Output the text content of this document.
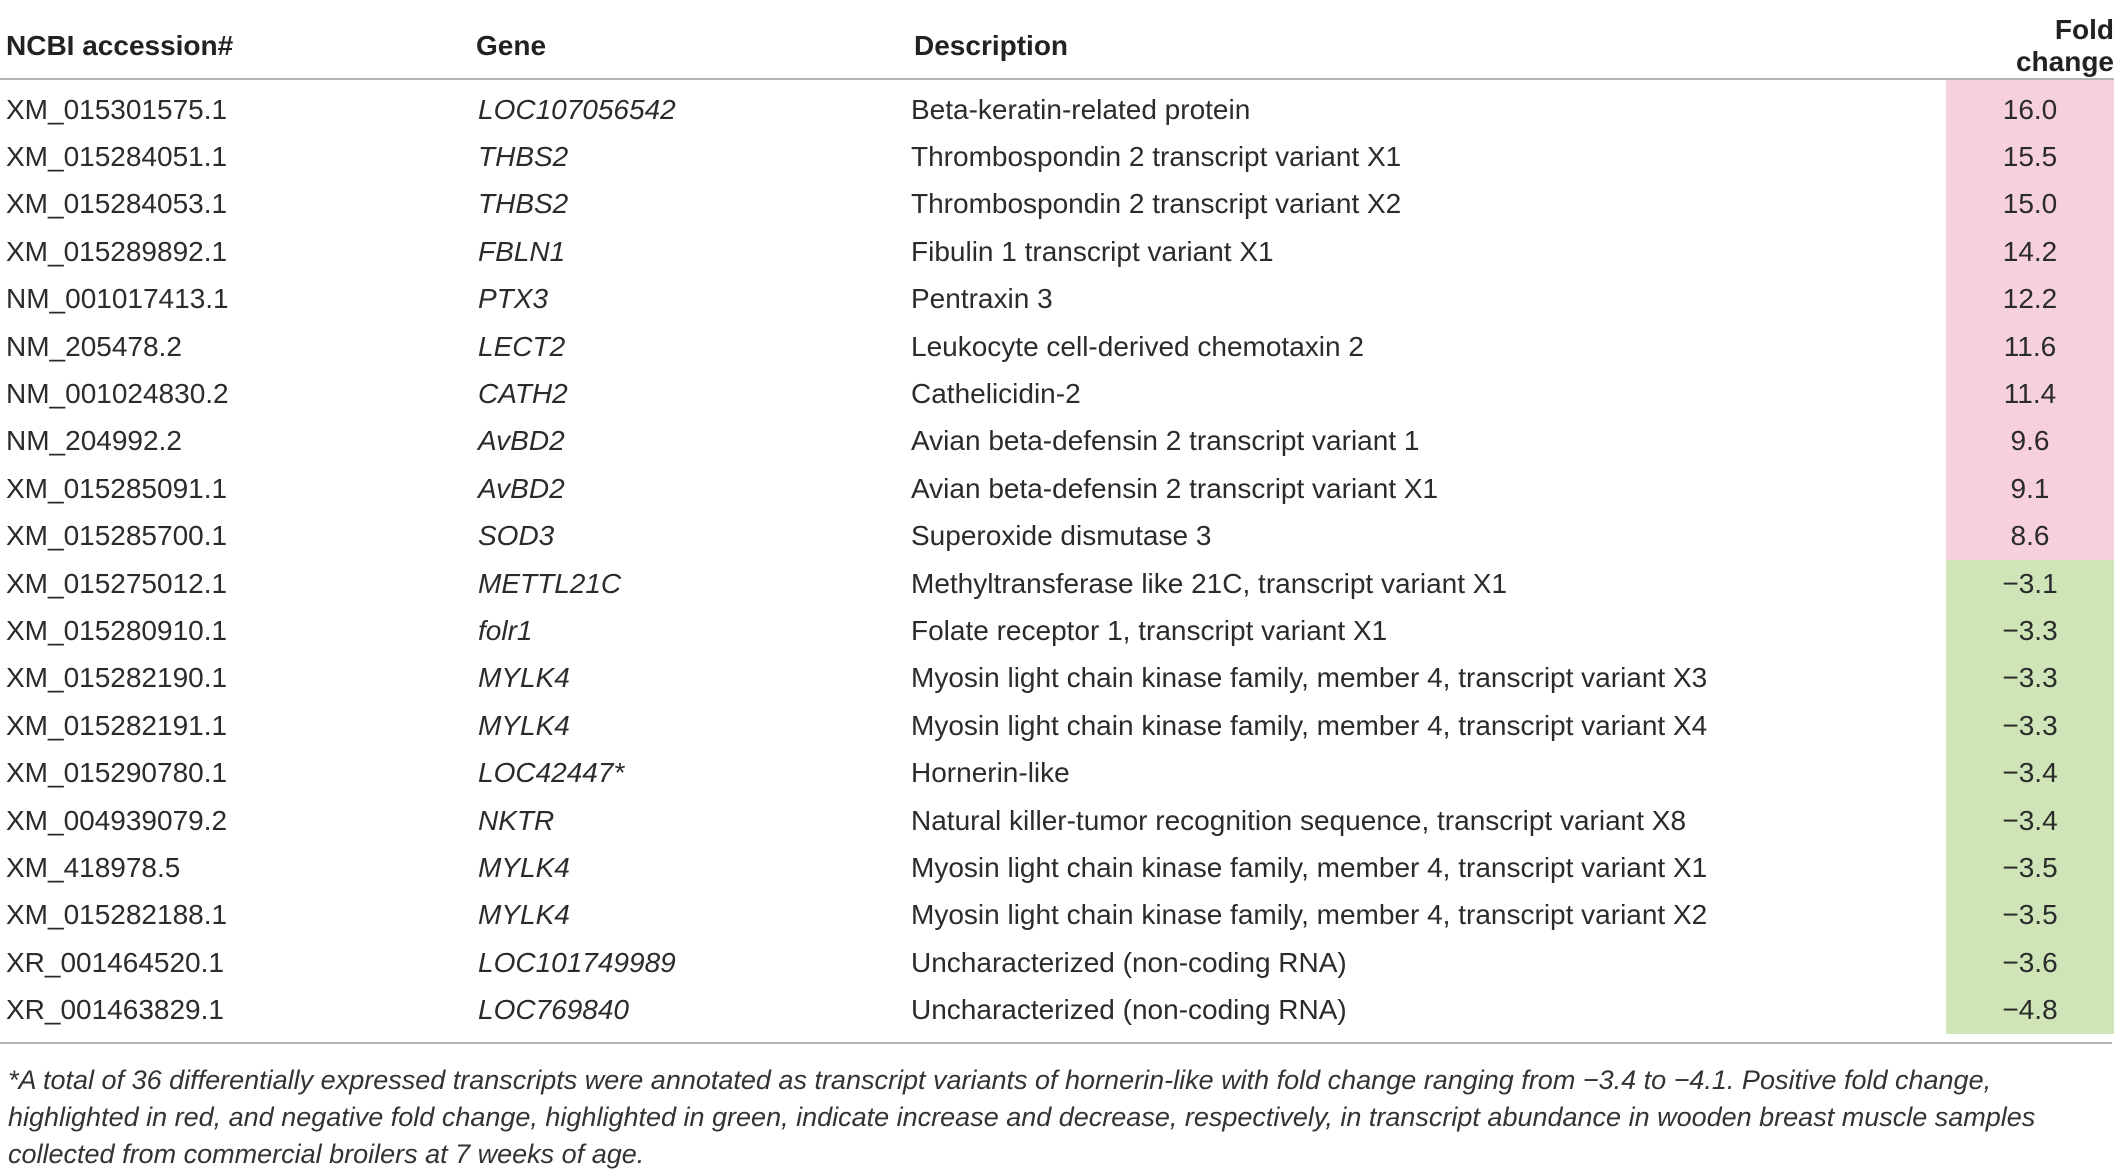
NCBI accession#	Gene	Description	Fold change
XM_015301575.1	LOC107056542	Beta-keratin-related protein	16.0
XM_015284051.1	THBS2	Thrombospondin 2 transcript variant X1	15.5
XM_015284053.1	THBS2	Thrombospondin 2 transcript variant X2	15.0
XM_015289892.1	FBLN1	Fibulin 1 transcript variant X1	14.2
NM_001017413.1	PTX3	Pentraxin 3	12.2
NM_205478.2	LECT2	Leukocyte cell-derived chemotaxin 2	11.6
NM_001024830.2	CATH2	Cathelicidin-2	11.4
NM_204992.2	AvBD2	Avian beta-defensin 2 transcript variant 1	9.6
XM_015285091.1	AvBD2	Avian beta-defensin 2 transcript variant X1	9.1
XM_015285700.1	SOD3	Superoxide dismutase 3	8.6
XM_015275012.1	METTL21C	Methyltransferase like 21C, transcript variant X1	−3.1
XM_015280910.1	folr1	Folate receptor 1, transcript variant X1	−3.3
XM_015282190.1	MYLK4	Myosin light chain kinase family, member 4, transcript variant X3	−3.3
XM_015282191.1	MYLK4	Myosin light chain kinase family, member 4, transcript variant X4	−3.3
XM_015290780.1	LOC42447*	Hornerin-like	−3.4
XM_004939079.2	NKTR	Natural killer-tumor recognition sequence, transcript variant X8	−3.4
XM_418978.5	MYLK4	Myosin light chain kinase family, member 4, transcript variant X1	−3.5
XM_015282188.1	MYLK4	Myosin light chain kinase family, member 4, transcript variant X2	−3.5
XR_001464520.1	LOC101749989	Uncharacterized (non-coding RNA)	−3.6
XR_001463829.1	LOC769840	Uncharacterized (non-coding RNA)	−4.8

*A total of 36 differentially expressed transcripts were annotated as transcript variants of hornerin-like with fold change ranging from −3.4 to −4.1. Positive fold change, highlighted in red, and negative fold change, highlighted in green, indicate increase and decrease, respectively, in transcript abundance in wooden breast muscle samples collected from commercial broilers at 7 weeks of age.
